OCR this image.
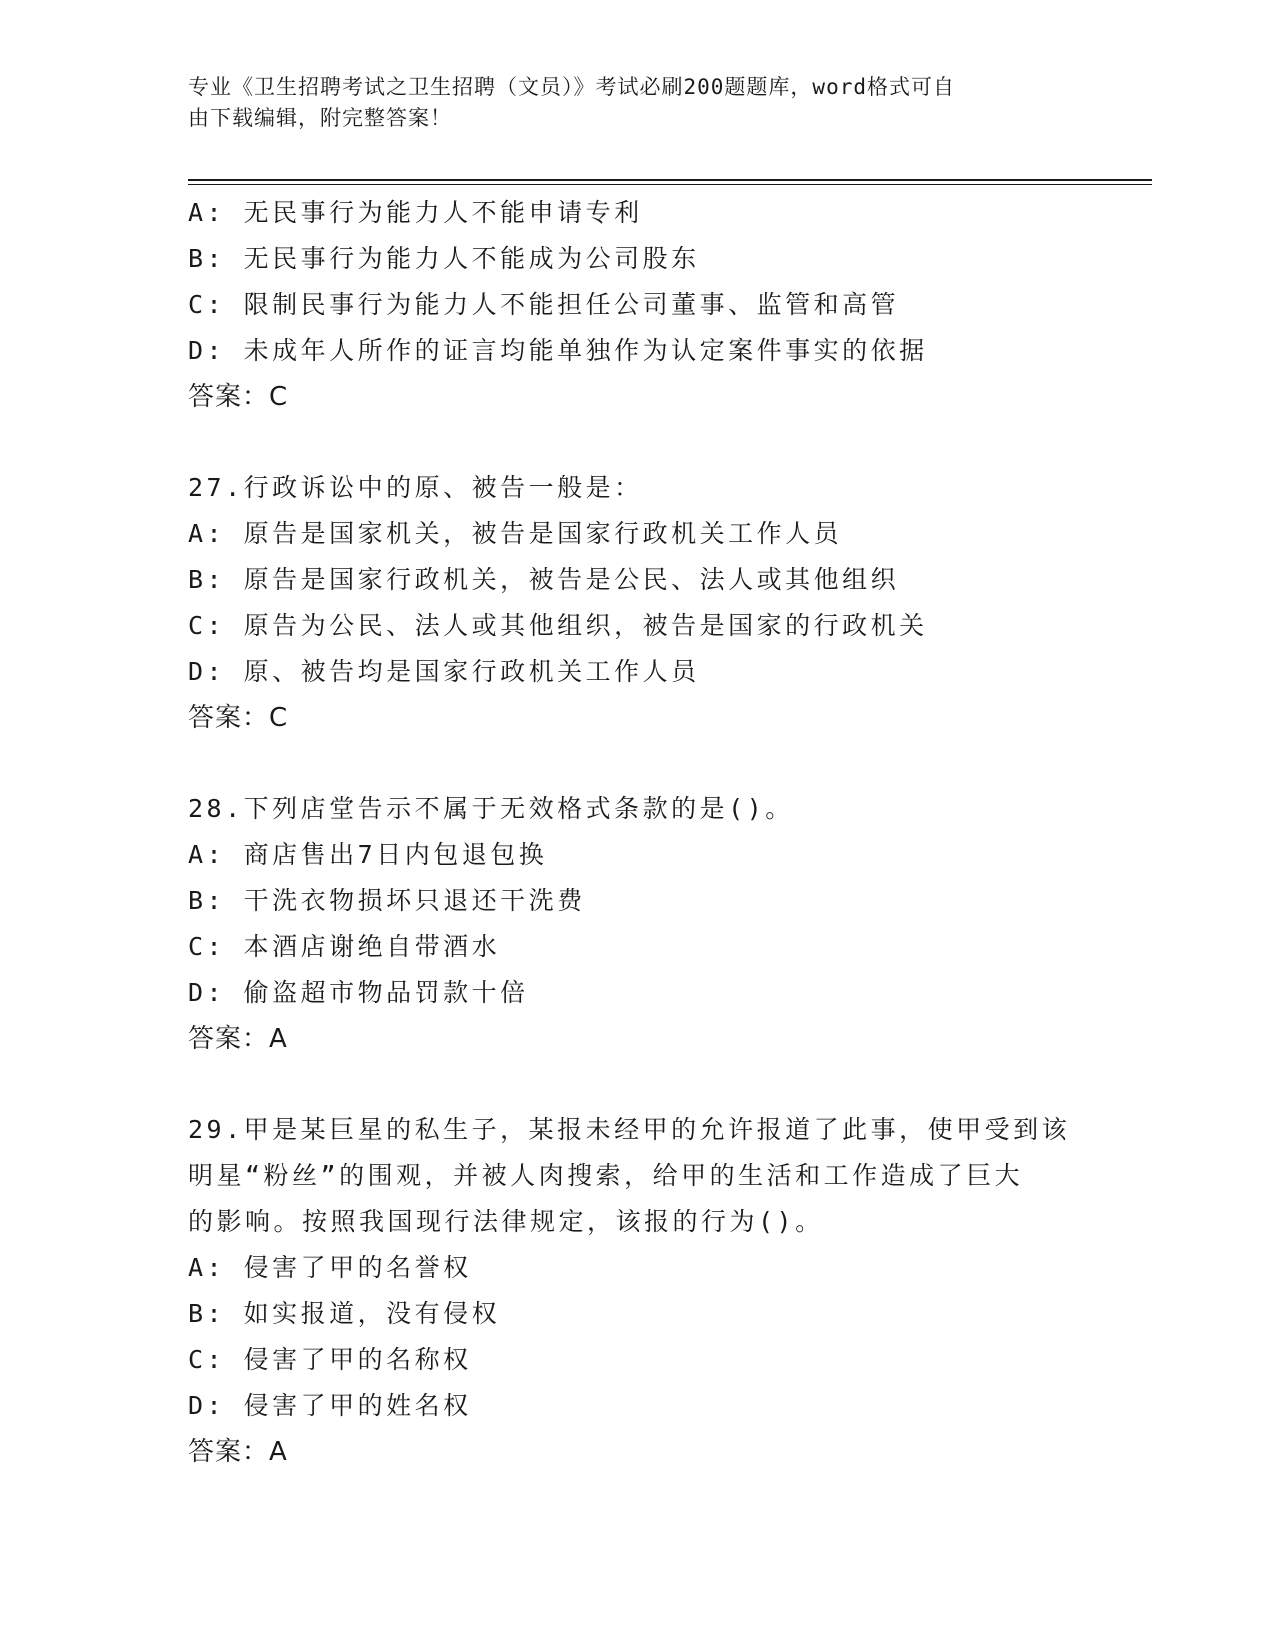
专业《卫生招聘考试之卫生招聘（文员）》考试必刷200题题库，word格式可自
由下载编辑，附完整答案！
A: 无民事行为能力人不能申请专利
B: 无民事行为能力人不能成为公司股东
C: 限制民事行为能力人不能担任公司董事、监管和高管
D: 未成年人所作的证言均能单独作为认定案件事实的依据
答案：C
27.行政诉讼中的原、被告一般是：
A: 原告是国家机关，被告是国家行政机关工作人员
B: 原告是国家行政机关，被告是公民、法人或其他组织
C: 原告为公民、法人或其他组织，被告是国家的行政机关
D: 原、被告均是国家行政机关工作人员
答案：C
28.下列店堂告示不属于无效格式条款的是()。
A: 商店售出7日内包退包换
B: 干洗衣物损坏只退还干洗费
C: 本酒店谢绝自带酒水
D: 偷盗超市物品罚款十倍
答案：A
29.甲是某巨星的私生子，某报未经甲的允许报道了此事，使甲受到该
明星“粉丝”的围观，并被人肉搜索，给甲的生活和工作造成了巨大
的影响。按照我国现行法律规定，该报的行为()。
A: 侵害了甲的名誉权
B: 如实报道，没有侵权
C: 侵害了甲的名称权
D: 侵害了甲的姓名权
答案：A
